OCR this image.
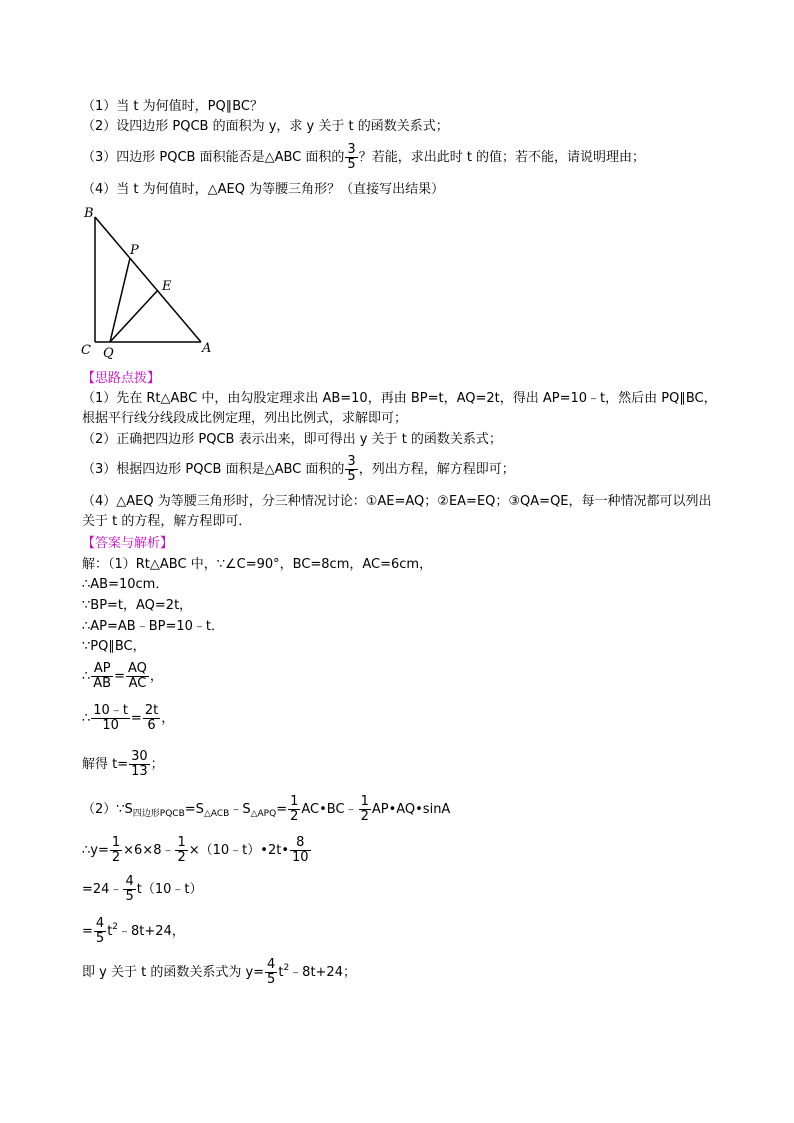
（1）当 t 为何值时，PQ∥BC？
（2）设四边形 PQCB 的面积为 y，求 y 关于 t 的函数关系式；
（3）四边形 PQCB 面积能否是△ABC 面积的 $\frac{3}{5}$ ？若能，求出此时 t 的值；若不能，请说明理由；
（4）当 t 为何值时，△AEQ 为等腰三角形？（直接写出结果）
B
P
E
C Q	A
【思路点拨】
（1）先在 Rt△ABC 中，由勾股定理求出 AB=10，再由 BP=t，AQ=2t，得出 AP=10﹣t，然后由 PQ∥BC，
根据平行线分线段成比例定理，列出比例式，求解即可；
（2）正确把四边形 PQCB 表示出来，即可得出 y 关于 t 的函数关系式；
（3）根据四边形 PQCB 面积是△ABC 面积的 $\frac{3}{5}$ ，列出方程，解方程即可；
（4）△AEQ 为等腰三角形时，分三种情况讨论：①AE=AQ；②EA=EQ；③QA=QE，每一种情况都可以列出
关于 t 的方程，解方程即可．
【答案与解析】
解：（1）Rt△ABC 中，∵∠C=90°，BC=8cm，AC=6cm，
∴AB=10cm．
∵BP=t，AQ=2t，
∴AP=AB﹣BP=10﹣t．
∵PQ∥BC，
∴ $\frac{AP}{AB} = \frac{AQ}{AC}$ ，
∴ $\frac{10﹣t}{10} = \frac{2t}{6}$ ，
解得 $t= \frac{30}{13}$ ；
$(2)\because S_{四边形PQCB}=S_{\triangle ACB}﹣S_{\triangle APQ}= \frac{1}{2}$ AC•BC﹣ $\frac{1}{2}$ AP•AQ•sinA
∴y= $\frac{1}{2}$ ×6×8﹣ $\frac{1}{2}$ ×（10﹣t）•2t• $\frac{8}{10}$
=24﹣ $\frac{4}{5}$ t（10﹣t）
= $\frac{4}{5}$ $t^2﹣8t+24$，
即 y 关于 t 的函数关系式为 $y= \frac{4}{5}$ $t^2﹣8t+24$；
